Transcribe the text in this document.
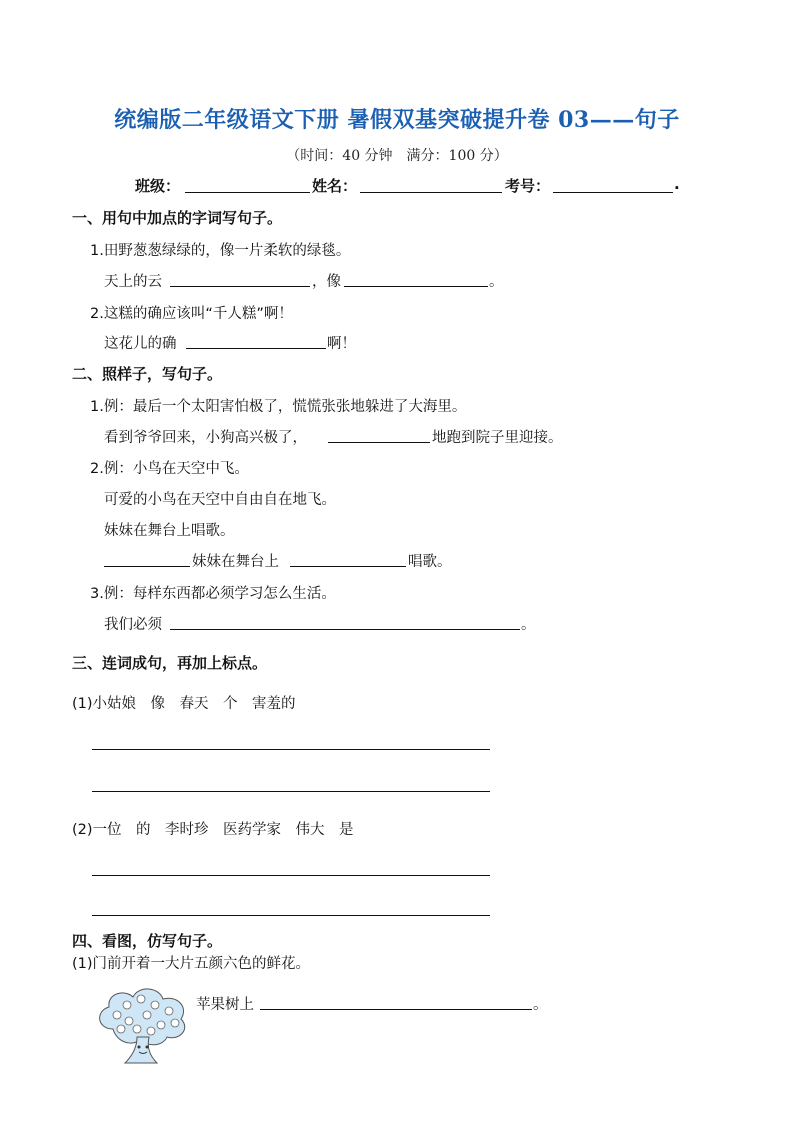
统编版二年级语文下册 暑假双基突破提升卷 03——句子
（时间：40 分钟　满分：100 分）
班级：	姓名：	考号：	.
一、用句中加点的字词写句子。
1.田野葱葱绿绿的，像一片柔软的绿毯。
天上的云	，像	。
2.这糕的确应该叫“千人糕”啊！
这花儿的确	啊！
二、照样子，写句子。
1.例：最后一个太阳害怕极了，慌慌张张地躲进了大海里。
看到爷爷回来，小狗高兴极了，	地跑到院子里迎接。
2.例：小鸟在天空中飞。
可爱的小鸟在天空中自由自在地飞。
妹妹在舞台上唱歌。
妹妹在舞台上	唱歌。
3.例：每样东西都必须学习怎么生活。
我们必须	。
三、连词成句，再加上标点。
(1)小姑娘　像　春天　个　害羞的
(2)一位　的　李时珍　医药学家　伟大　是
四、看图，仿写句子。
(1)门前开着一大片五颜六色的鲜花。
苹果树上	。
